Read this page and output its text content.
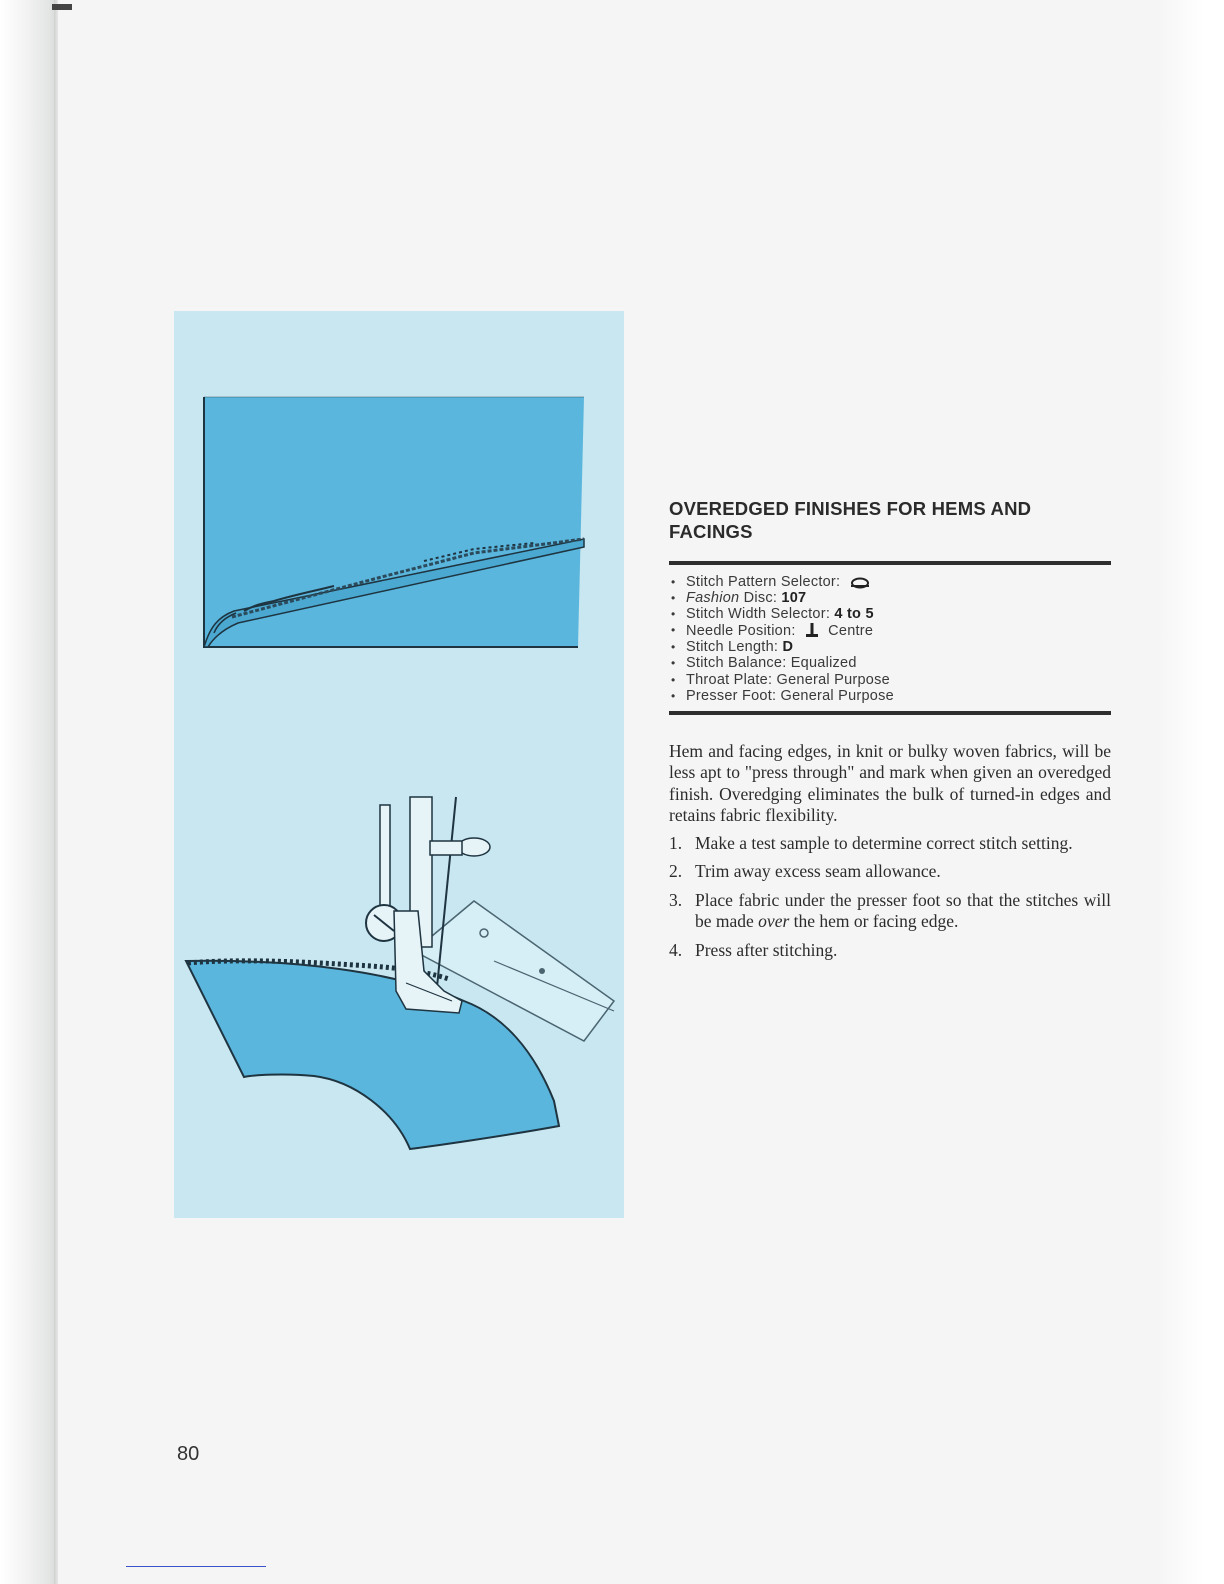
OVEREDGED FINISHES FOR HEMS AND FACINGS
• Stitch Pattern Selector:
• Fashion Disc: 107
• Stitch Width Selector: 4 to 5
• Needle Position: Centre
• Stitch Length: D
• Stitch Balance: Equalized
• Throat Plate: General Purpose
• Presser Foot: General Purpose

Hem and facing edges, in knit or bulky woven fabrics, will be less apt to "press through" and mark when given an overedged finish. Overedging eliminates the bulk of turned-in edges and retains fabric flexibility.

1. Make a test sample to determine correct stitch setting.
2. Trim away excess seam allowance.
3. Place fabric under the presser foot so that the stitches will be made over the hem or facing edge.
4. Press after stitching.
80
